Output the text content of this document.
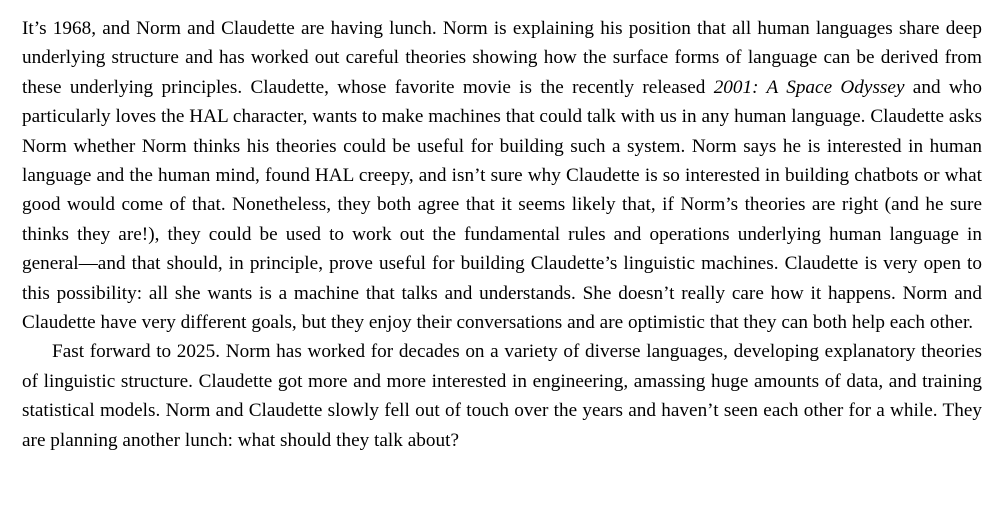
It’s 1968, and Norm and Claudette are having lunch. Norm is explaining his position that all human languages share deep underlying structure and has worked out careful theories showing how the surface forms of language can be derived from these underlying principles. Claudette, whose favorite movie is the recently released 2001: A Space Odyssey and who particularly loves the HAL character, wants to make machines that could talk with us in any human language. Claudette asks Norm whether Norm thinks his theories could be useful for building such a system. Norm says he is interested in human language and the human mind, found HAL creepy, and isn’t sure why Claudette is so interested in building chatbots or what good would come of that. Nonetheless, they both agree that it seems likely that, if Norm’s theories are right (and he sure thinks they are!), they could be used to work out the fundamental rules and operations underlying human language in general—and that should, in principle, prove useful for building Claudette’s linguistic machines. Claudette is very open to this possibility: all she wants is a machine that talks and understands. She doesn’t really care how it happens. Norm and Claudette have very different goals, but they enjoy their conversations and are optimistic that they can both help each other.

Fast forward to 2025. Norm has worked for decades on a variety of diverse languages, developing explanatory theories of linguistic structure. Claudette got more and more interested in engineering, amassing huge amounts of data, and training statistical models. Norm and Claudette slowly fell out of touch over the years and haven’t seen each other for a while. They are planning another lunch: what should they talk about?
